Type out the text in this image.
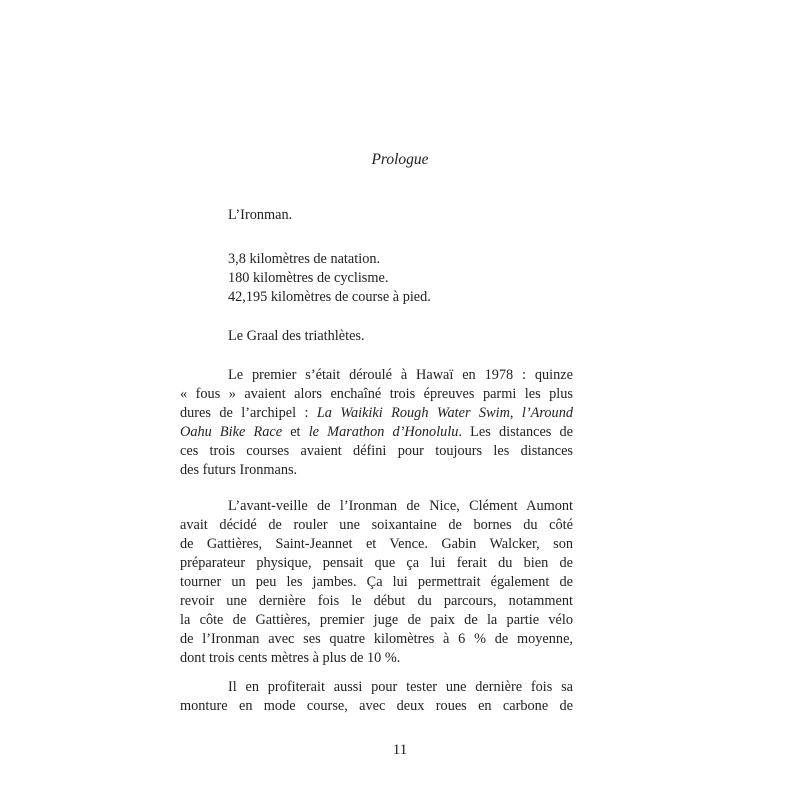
Prologue
L’Ironman.
3,8 kilomètres de natation.
180 kilomètres de cyclisme.
42,195 kilomètres de course à pied.
Le Graal des triathlètes.
Le premier s’était déroulé à Hawaï en 1978 : quinze
« fous » avaient alors enchaîné trois épreuves parmi les plus
dures de l’archipel : La Waikiki Rough Water Swim, l’Around
Oahu Bike Race et le Marathon d’Honolulu. Les distances de
ces trois courses avaient défini pour toujours les distances
des futurs Ironmans.
L’avant-veille de l’Ironman de Nice, Clément Aumont
avait décidé de rouler une soixantaine de bornes du côté
de Gattières, Saint-Jeannet et Vence. Gabin Walcker, son
préparateur physique, pensait que ça lui ferait du bien de
tourner un peu les jambes. Ça lui permettrait également de
revoir une dernière fois le début du parcours, notamment
la côte de Gattières, premier juge de paix de la partie vélo
de l’Ironman avec ses quatre kilomètres à 6 % de moyenne,
dont trois cents mètres à plus de 10 %.
Il en profiterait aussi pour tester une dernière fois sa
monture en mode course, avec deux roues en carbone de
11
